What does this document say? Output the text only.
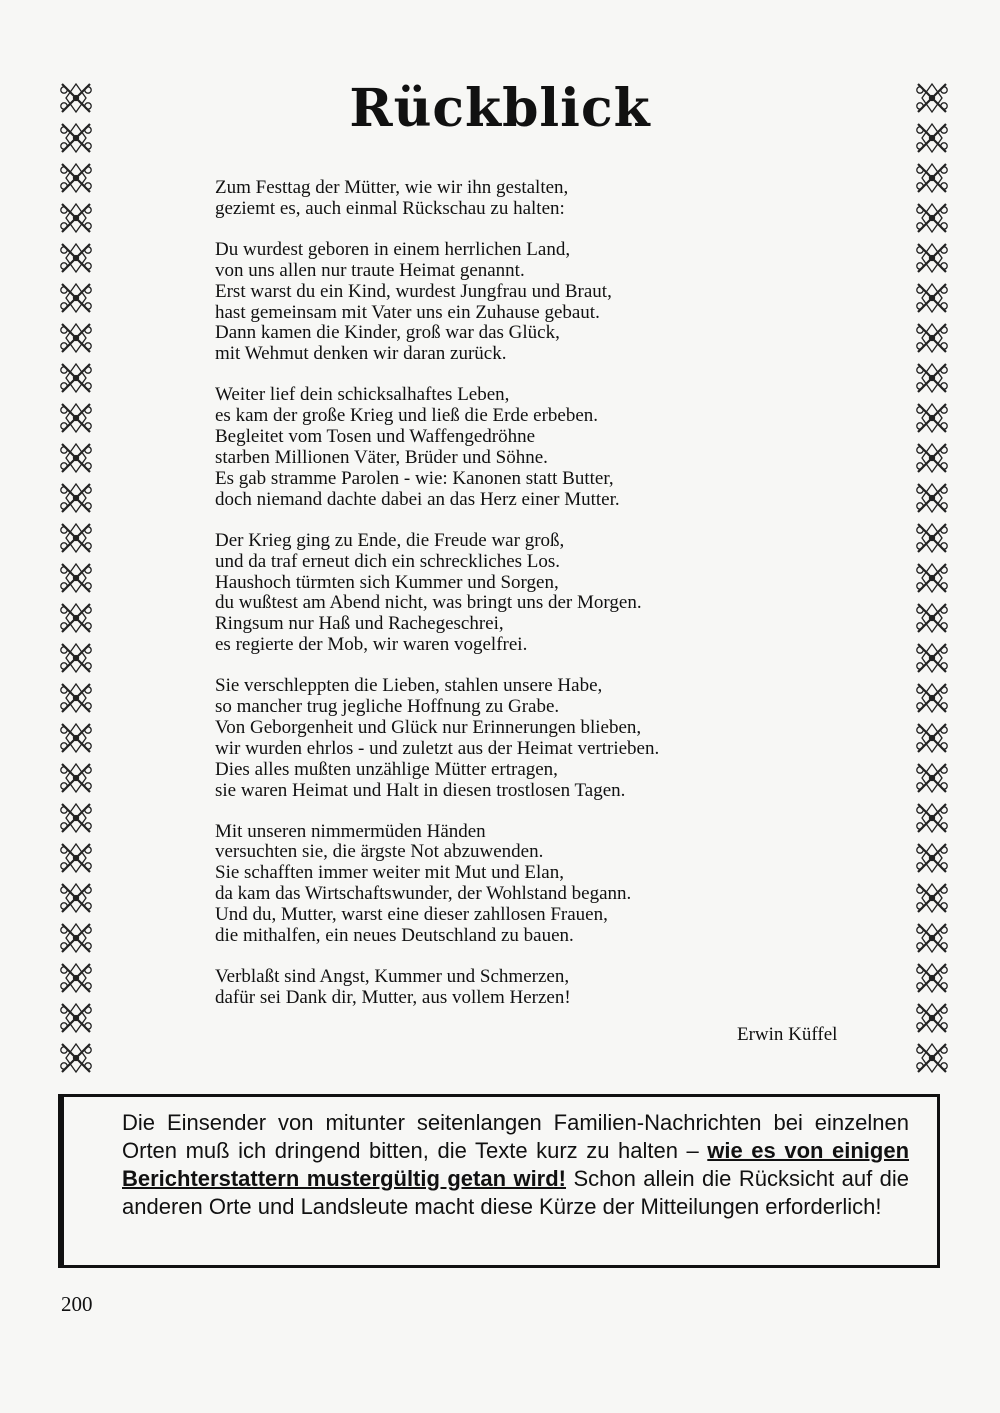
Rückblick
Zum Festtag der Mütter, wie wir ihn gestalten,
geziemt es, auch einmal Rückschau zu halten:
Du wurdest geboren in einem herrlichen Land,
von uns allen nur traute Heimat genannt.
Erst warst du ein Kind, wurdest Jungfrau und Braut,
hast gemeinsam mit Vater uns ein Zuhause gebaut.
Dann kamen die Kinder, groß war das Glück,
mit Wehmut denken wir daran zurück.
Weiter lief dein schicksalhaftes Leben,
es kam der große Krieg und ließ die Erde erbeben.
Begleitet vom Tosen und Waffengedröhne
starben Millionen Väter, Brüder und Söhne.
Es gab stramme Parolen - wie: Kanonen statt Butter,
doch niemand dachte dabei an das Herz einer Mutter.
Der Krieg ging zu Ende, die Freude war groß,
und da traf erneut dich ein schreckliches Los.
Haushoch türmten sich Kummer und Sorgen,
du wußtest am Abend nicht, was bringt uns der Morgen.
Ringsum nur Haß und Rachegeschrei,
es regierte der Mob, wir waren vogelfrei.
Sie verschleppten die Lieben, stahlen unsere Habe,
so mancher trug jegliche Hoffnung zu Grabe.
Von Geborgenheit und Glück nur Erinnerungen blieben,
wir wurden ehrlos - und zuletzt aus der Heimat vertrieben.
Dies alles mußten unzählige Mütter ertragen,
sie waren Heimat und Halt in diesen trostlosen Tagen.
Mit unseren nimmermüden Händen
versuchten sie, die ärgste Not abzuwenden.
Sie schafften immer weiter mit Mut und Elan,
da kam das Wirtschaftswunder, der Wohlstand begann.
Und du, Mutter, warst eine dieser zahllosen Frauen,
die mithalfen, ein neues Deutschland zu bauen.
Verblaßt sind Angst, Kummer und Schmerzen,
dafür sei Dank dir, Mutter, aus vollem Herzen!
Erwin Küffel

Die Einsender von mitunter seitenlangen Familien-Nachrichten bei einzelnen Orten muß ich dringend bitten, die Texte kurz zu halten – wie es von einigen Berichterstattern mustergültig getan wird! Schon allein die Rücksicht auf die anderen Orte und Landsleute macht diese Kürze der Mitteilungen erforderlich!

200
